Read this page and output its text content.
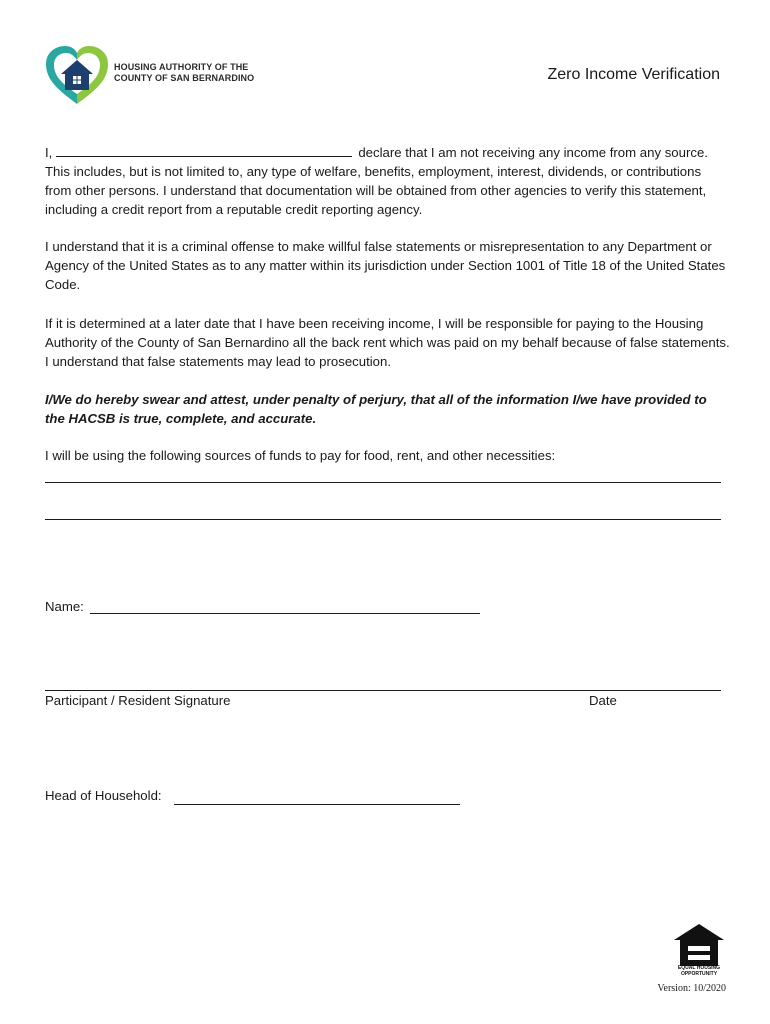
HOUSING AUTHORITY OF THE
COUNTY OF SAN BERNARDINO	Zero Income Verification
I,	declare that I am not receiving any income from any source. This includes, but is not limited to, any type of welfare, benefits, employment, interest, dividends, or contributions from other persons. I understand that documentation will be obtained from other agencies to verify this statement, including a credit report from a reputable credit reporting agency.
I understand that it is a criminal offense to make willful false statements or misrepresentation to any Department or Agency of the United States as to any matter within its jurisdiction under Section 1001 of Title 18 of the United States Code.
If it is determined at a later date that I have been receiving income, I will be responsible for paying to the Housing Authority of the County of San Bernardino all the back rent which was paid on my behalf because of false statements. I understand that false statements may lead to prosecution.
I/We do hereby swear and attest, under penalty of perjury, that all of the information I/we have provided to the HACSB is true, complete, and accurate.
I will be using the following sources of funds to pay for food, rent, and other necessities:
Name:
Participant / Resident Signature	Date
Head of Household:
EQUAL HOUSING
OPPORTUNITY
Version: 10/2020
